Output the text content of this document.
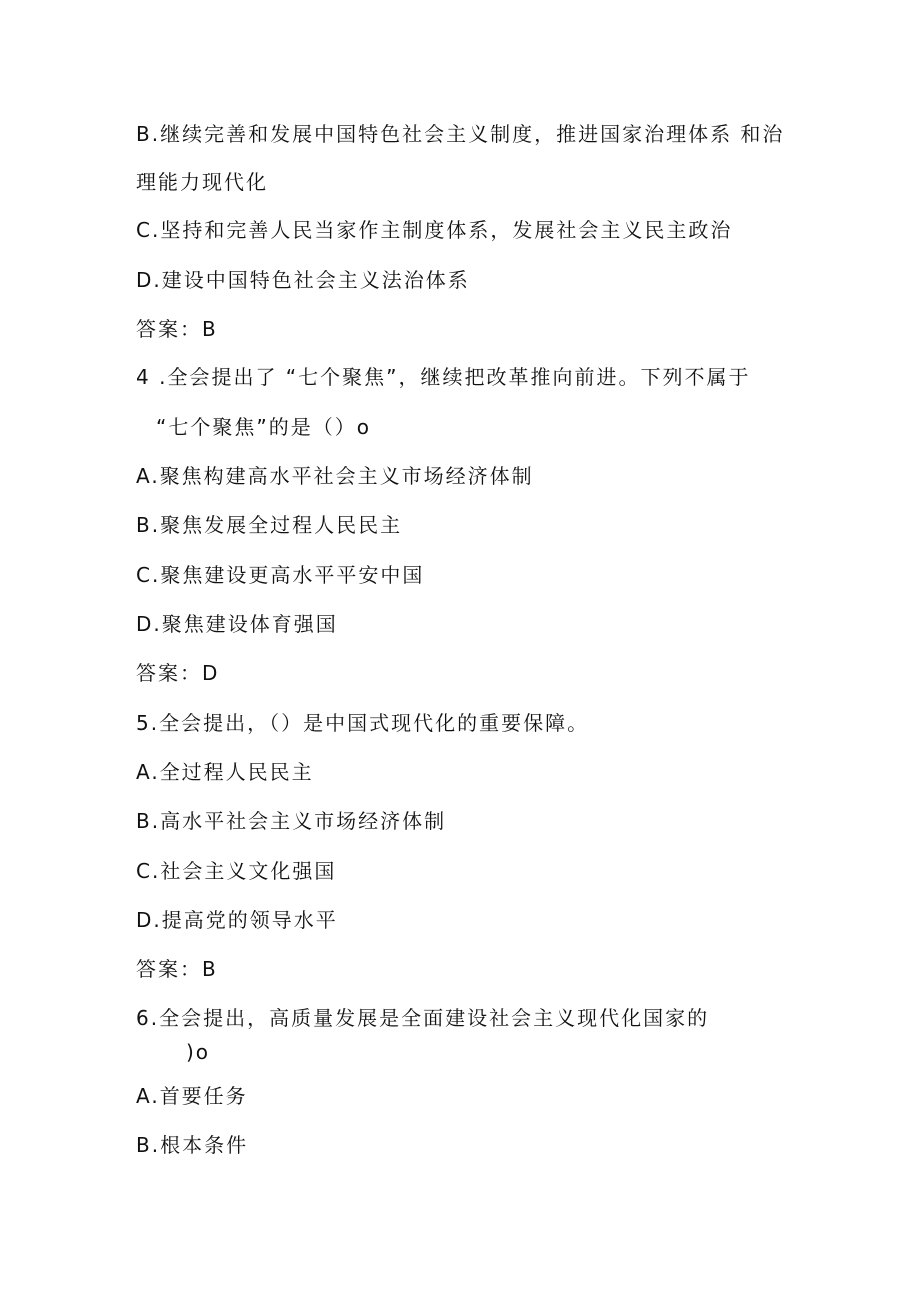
B.继续完善和发展中国特色社会主义制度，推进国家治理体系 和治
理能力现代化
C.坚持和完善人民当家作主制度体系，发展社会主义民主政治
D.建设中国特色社会主义法治体系
答案：B
4 .全会提出了 “七个聚焦”，继续把改革推向前进。下列不属于
“七个聚焦”的是（）o
A.聚焦构建高水平社会主义市场经济体制
B.聚焦发展全过程人民民主
C.聚焦建设更高水平平安中国
D.聚焦建设体育强国
答案：D
5.全会提出，（）是中国式现代化的重要保障。
A.全过程人民民主
B.高水平社会主义市场经济体制
C.社会主义文化强国
D.提高党的领导水平
答案：B
6.全会提出，高质量发展是全面建设社会主义现代化国家的
)o
A.首要任务
B.根本条件
